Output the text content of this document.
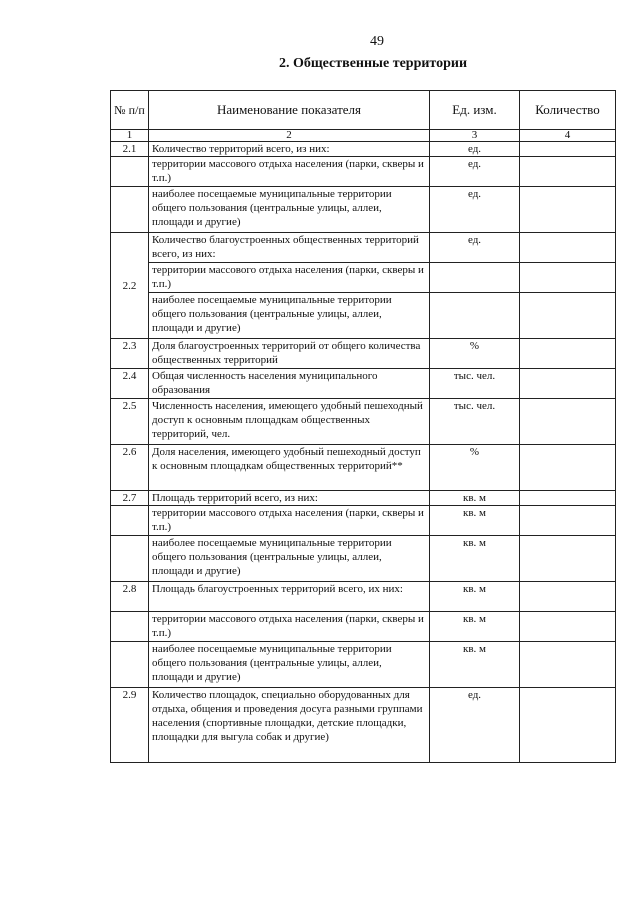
49
2. Общественные территории
№ п/п	Наименование показателя	Ед. изм.	Количество
1	2	3	4
2.1	Количество территорий всего, из них:	ед.	
	территории массового отдыха населения (парки, скверы и т.п.)	ед.	
	наиболее посещаемые муниципальные территории общего пользования (центральные улицы, аллеи, площади и другие)	ед.	
2.2	Количество благоустроенных общественных территорий всего, из них:	ед.	
	территории массового отдыха населения (парки, скверы и т.п.)		
	наиболее посещаемые муниципальные территории общего пользования (центральные улицы, аллеи, площади и другие)		
2.3	Доля благоустроенных территорий от общего количества общественных территорий	%	
2.4	Общая численность населения муниципального образования	тыс. чел.	
2.5	Численность населения, имеющего удобный пешеходный доступ к основным площадкам общественных территорий, чел.	тыс. чел.	
2.6	Доля населения, имеющего удобный пешеходный доступ к основным площадкам общественных территорий**	%	
2.7	Площадь территорий всего, из них:	кв. м	
	территории массового отдыха населения (парки, скверы и т.п.)	кв. м	
	наиболее посещаемые муниципальные территории общего пользования (центральные улицы, аллеи, площади и другие)	кв. м	
2.8	Площадь благоустроенных территорий всего, их них:	кв. м	
	территории массового отдыха населения (парки, скверы и т.п.)	кв. м	
	наиболее посещаемые муниципальные территории общего пользования (центральные улицы, аллеи, площади и другие)	кв. м	
2.9	Количество площадок, специально оборудованных для отдыха, общения и проведения досуга разными группами населения (спортивные площадки, детские площадки, площадки для выгула собак и другие)	ед.	
